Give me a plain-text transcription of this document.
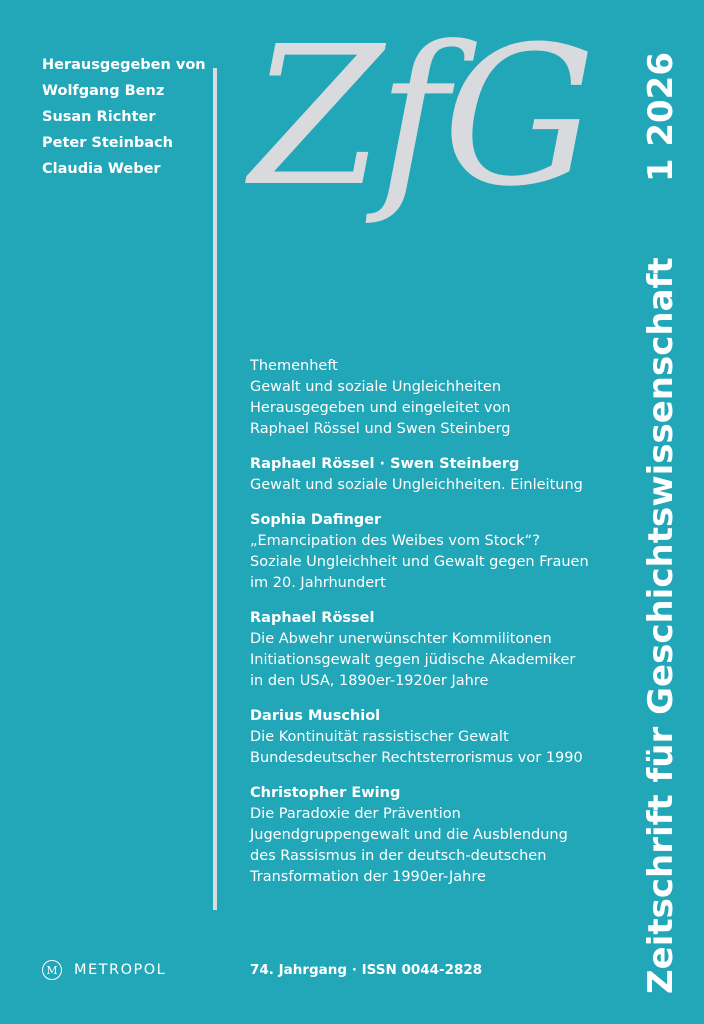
Herausgegeben von
Wolfgang Benz
Susan Richter
Peter Steinbach
Claudia Weber ZfG
Themenheft
Gewalt und soziale Ungleichheiten
Herausgegeben und eingeleitet von
Raphael Rössel und Swen Steinberg
Raphael Rössel · Swen Steinberg
Gewalt und soziale Ungleichheiten. Einleitung
Sophia Dafinger
„Emancipation des Weibes vom Stock“?
Soziale Ungleichheit und Gewalt gegen Frauen
im 20. Jahrhundert
Raphael Rössel
Die Abwehr unerwünschter Kommilitonen
Initiationsgewalt gegen jüdische Akademiker
in den USA, 1890er-1920er Jahre
Darius Muschiol
Die Kontinuität rassistischer Gewalt
Bundesdeutscher Rechtsterrorismus vor 1990
Christopher Ewing
Die Paradoxie der Prävention
Jugendgruppengewalt und die Ausblendung
des Rassismus in der deutsch-deutschen
Transformation der 1990er-Jahre	Zeitschrift für Geschichtswissenschaft
1 2026
M	METROPOL	74. Jahrgang · ISSN 0044-2828
